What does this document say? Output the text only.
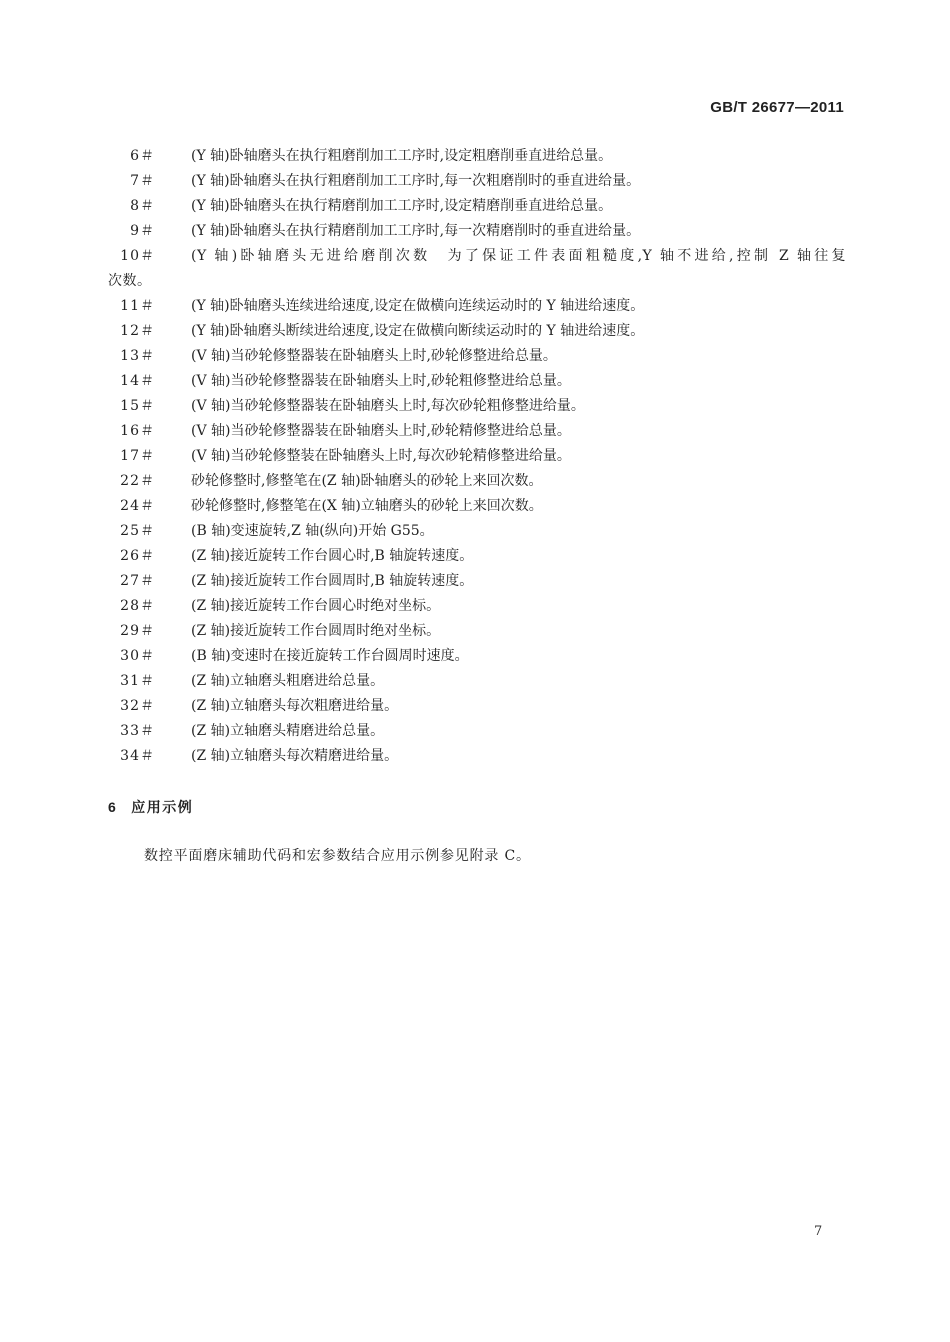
GB/T 26677—2011
6＃	(Y 轴)卧轴磨头在执行粗磨削加工工序时,设定粗磨削垂直进给总量。
7＃	(Y 轴)卧轴磨头在执行粗磨削加工工序时,每一次粗磨削时的垂直进给量。
8＃	(Y 轴)卧轴磨头在执行精磨削加工工序时,设定精磨削垂直进给总量。
9＃	(Y 轴)卧轴磨头在执行精磨削加工工序时,每一次精磨削时的垂直进给量。
10＃	(Y 轴)卧轴磨头无进给磨削次数　为了保证工件表面粗糙度,Y 轴不进给,控制 Z 轴往复
次数。
11＃	(Y 轴)卧轴磨头连续进给速度,设定在做横向连续运动时的 Y 轴进给速度。
12＃	(Y 轴)卧轴磨头断续进给速度,设定在做横向断续运动时的 Y 轴进给速度。
13＃	(V 轴)当砂轮修整器装在卧轴磨头上时,砂轮修整进给总量。
14＃	(V 轴)当砂轮修整器装在卧轴磨头上时,砂轮粗修整进给总量。
15＃	(V 轴)当砂轮修整器装在卧轴磨头上时,每次砂轮粗修整进给量。
16＃	(V 轴)当砂轮修整器装在卧轴磨头上时,砂轮精修整进给总量。
17＃	(V 轴)当砂轮修整装在卧轴磨头上时,每次砂轮精修整进给量。
22＃	砂轮修整时,修整笔在(Z 轴)卧轴磨头的砂轮上来回次数。
24＃	砂轮修整时,修整笔在(X 轴)立轴磨头的砂轮上来回次数。
25＃	(B 轴)变速旋转,Z 轴(纵向)开始 G55。
26＃	(Z 轴)接近旋转工作台圆心时,B 轴旋转速度。
27＃	(Z 轴)接近旋转工作台圆周时,B 轴旋转速度。
28＃	(Z 轴)接近旋转工作台圆心时绝对坐标。
29＃	(Z 轴)接近旋转工作台圆周时绝对坐标。
30＃	(B 轴)变速时在接近旋转工作台圆周时速度。
31＃	(Z 轴)立轴磨头粗磨进给总量。
32＃	(Z 轴)立轴磨头每次粗磨进给量。
33＃	(Z 轴)立轴磨头精磨进给总量。
34＃	(Z 轴)立轴磨头每次精磨进给量。
6 应用示例
数控平面磨床辅助代码和宏参数结合应用示例参见附录 C。
7
